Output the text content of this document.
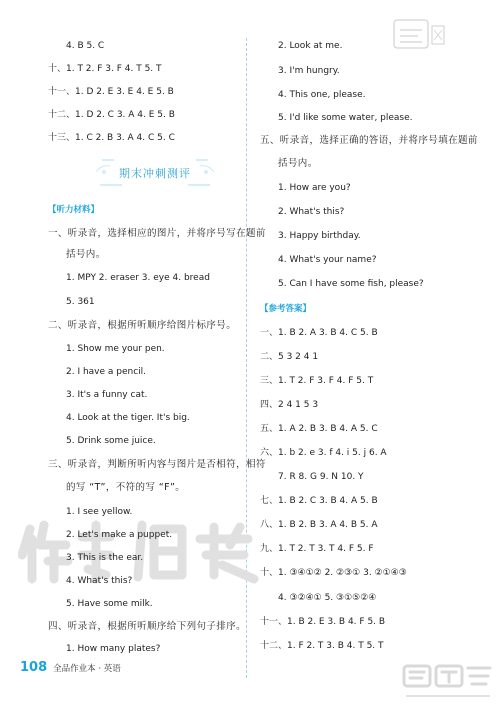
期末冲刺测评
【听力材料】
【参考答案】
108 全品作业本 · 英语
4. B 5. C
十、1. T 2. F 3. F 4. T 5. T
十一、1. D 2. E 3. E 4. E 5. B
十二、1. D 2. C 3. A 4. E 5. B
十三、1. C 2. B 3. A 4. C 5. C
一、听录音，选择相应的图片，并将序号写在题前
括号内。
1. MPY 2. eraser 3. eye 4. bread
5. 361
二、听录音，根据所听顺序给图片标序号。
1. Show me your pen.
2. I have a pencil.
3. It's a funny cat.
4. Look at the tiger. It's big.
5. Drink some juice.
三、听录音，判断所听内容与图片是否相符，相符
的写 “T”，不符的写 “F”。
1. I see yellow.
2. Let's make a puppet.
3. This is the ear.
4. What's this?
5. Have some milk.
四、听录音，根据所听顺序给下列句子排序。
1. How many plates?
2. Look at me.
3. I'm hungry.
4. This one, please.
5. I'd like some water, please.
五、听录音，选择正确的答语，并将序号填在题前
括号内。
1. How are you?
2. What's this?
3. Happy birthday.
4. What's your name?
5. Can I have some fish, please?
一、1. B 2. A 3. B 4. C 5. B
二、5 3 2 4 1
三、1. T 2. F 3. F 4. F 5. T
四、2 4 1 5 3
五、1. A 2. B 3. B 4. A 5. C
六、1. b 2. e 3. f 4. i 5. j 6. A
7. R 8. G 9. N 10. Y
七、1. B 2. C 3. B 4. A 5. B
八、1. B 2. B 3. A 4. B 5. A
九、1. T 2. T 3. T 4. F 5. F
十、1. ③④①② 2. ②③① 3. ②①④③
4. ③②④① 5. ③①⑤②④
十一、1. B 2. E 3. B 4. F 5. B
十二、1. F 2. T 3. B 4. T 5. T
